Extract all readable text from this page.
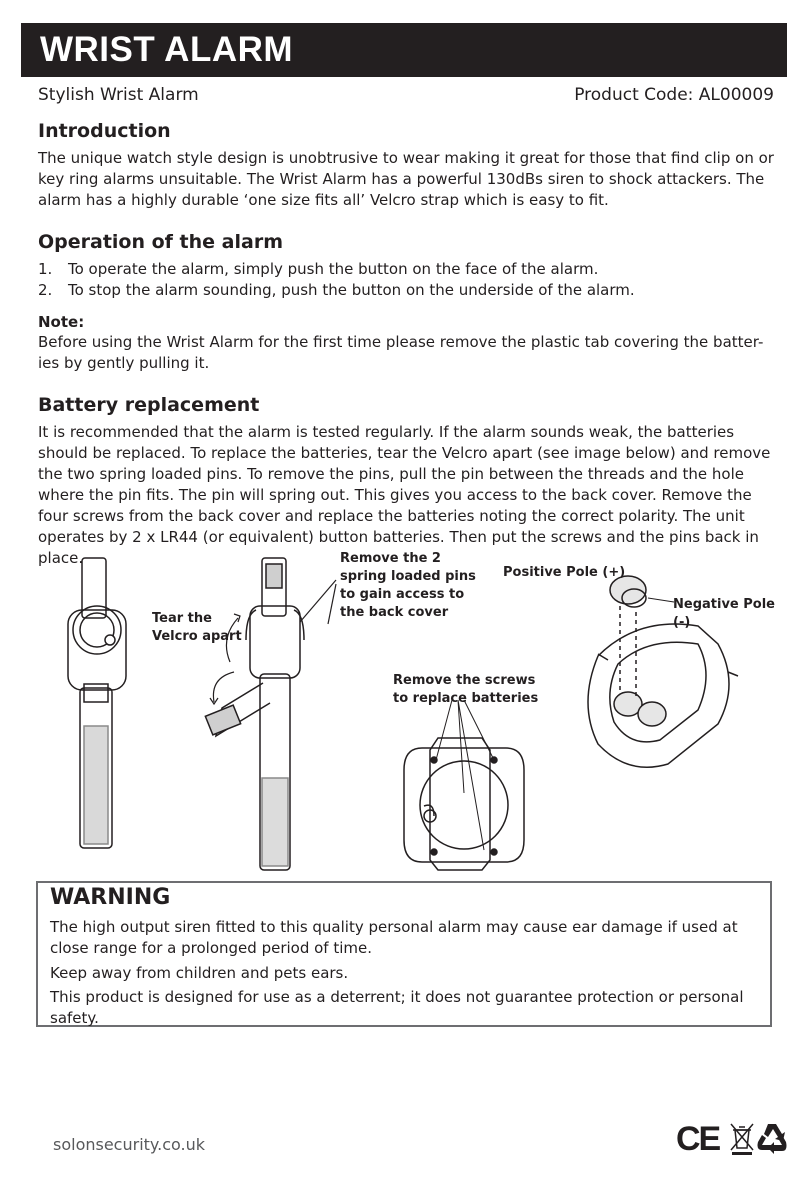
WRIST ALARM
Stylish Wrist Alarm	Product Code: AL00009
Introduction

The unique watch style design is unobtrusive to wear making it great for those that find clip on or key ring alarms unsuitable. The Wrist Alarm has a powerful 130dBs siren to shock attackers. The alarm has a highly durable ‘one size fits all’ Velcro strap which is easy to fit.

Operation of the alarm
1. To operate the alarm, simply push the button on the face of the alarm.
2. To stop the alarm sounding, push the button on the underside of the alarm.
Note:

Before using the Wrist Alarm for the first time please remove the plastic tab covering the batter-ies by gently pulling it.

Battery replacement

It is recommended that the alarm is tested regularly. If the alarm sounds weak, the batteries should be replaced. To replace the batteries, tear the Velcro apart (see image below) and remove the two spring loaded pins. To remove the pins, pull the pin between the threads and the hole where the pin fits. The pin will spring out. This gives you access to the back cover. Remove the four screws from the back cover and replace the batteries noting the correct polarity. The unit operates by 2 x LR44 (or equivalent) button batteries. Then put the screws and the pins back in place.

Tear the Velcro apart
Remove the 2 spring loaded pins to gain access to the back cover
Remove the screws to replace batteries
Positive Pole (+)
Negative Pole (-)
WARNING

The high output siren fitted to this quality personal alarm may cause ear damage if used at close range for a prolonged period of time.

Keep away from children and pets ears.

This product is designed for use as a deterrent; it does not guarantee protection or personal safety.

solonsecurity.co.uk	CE
